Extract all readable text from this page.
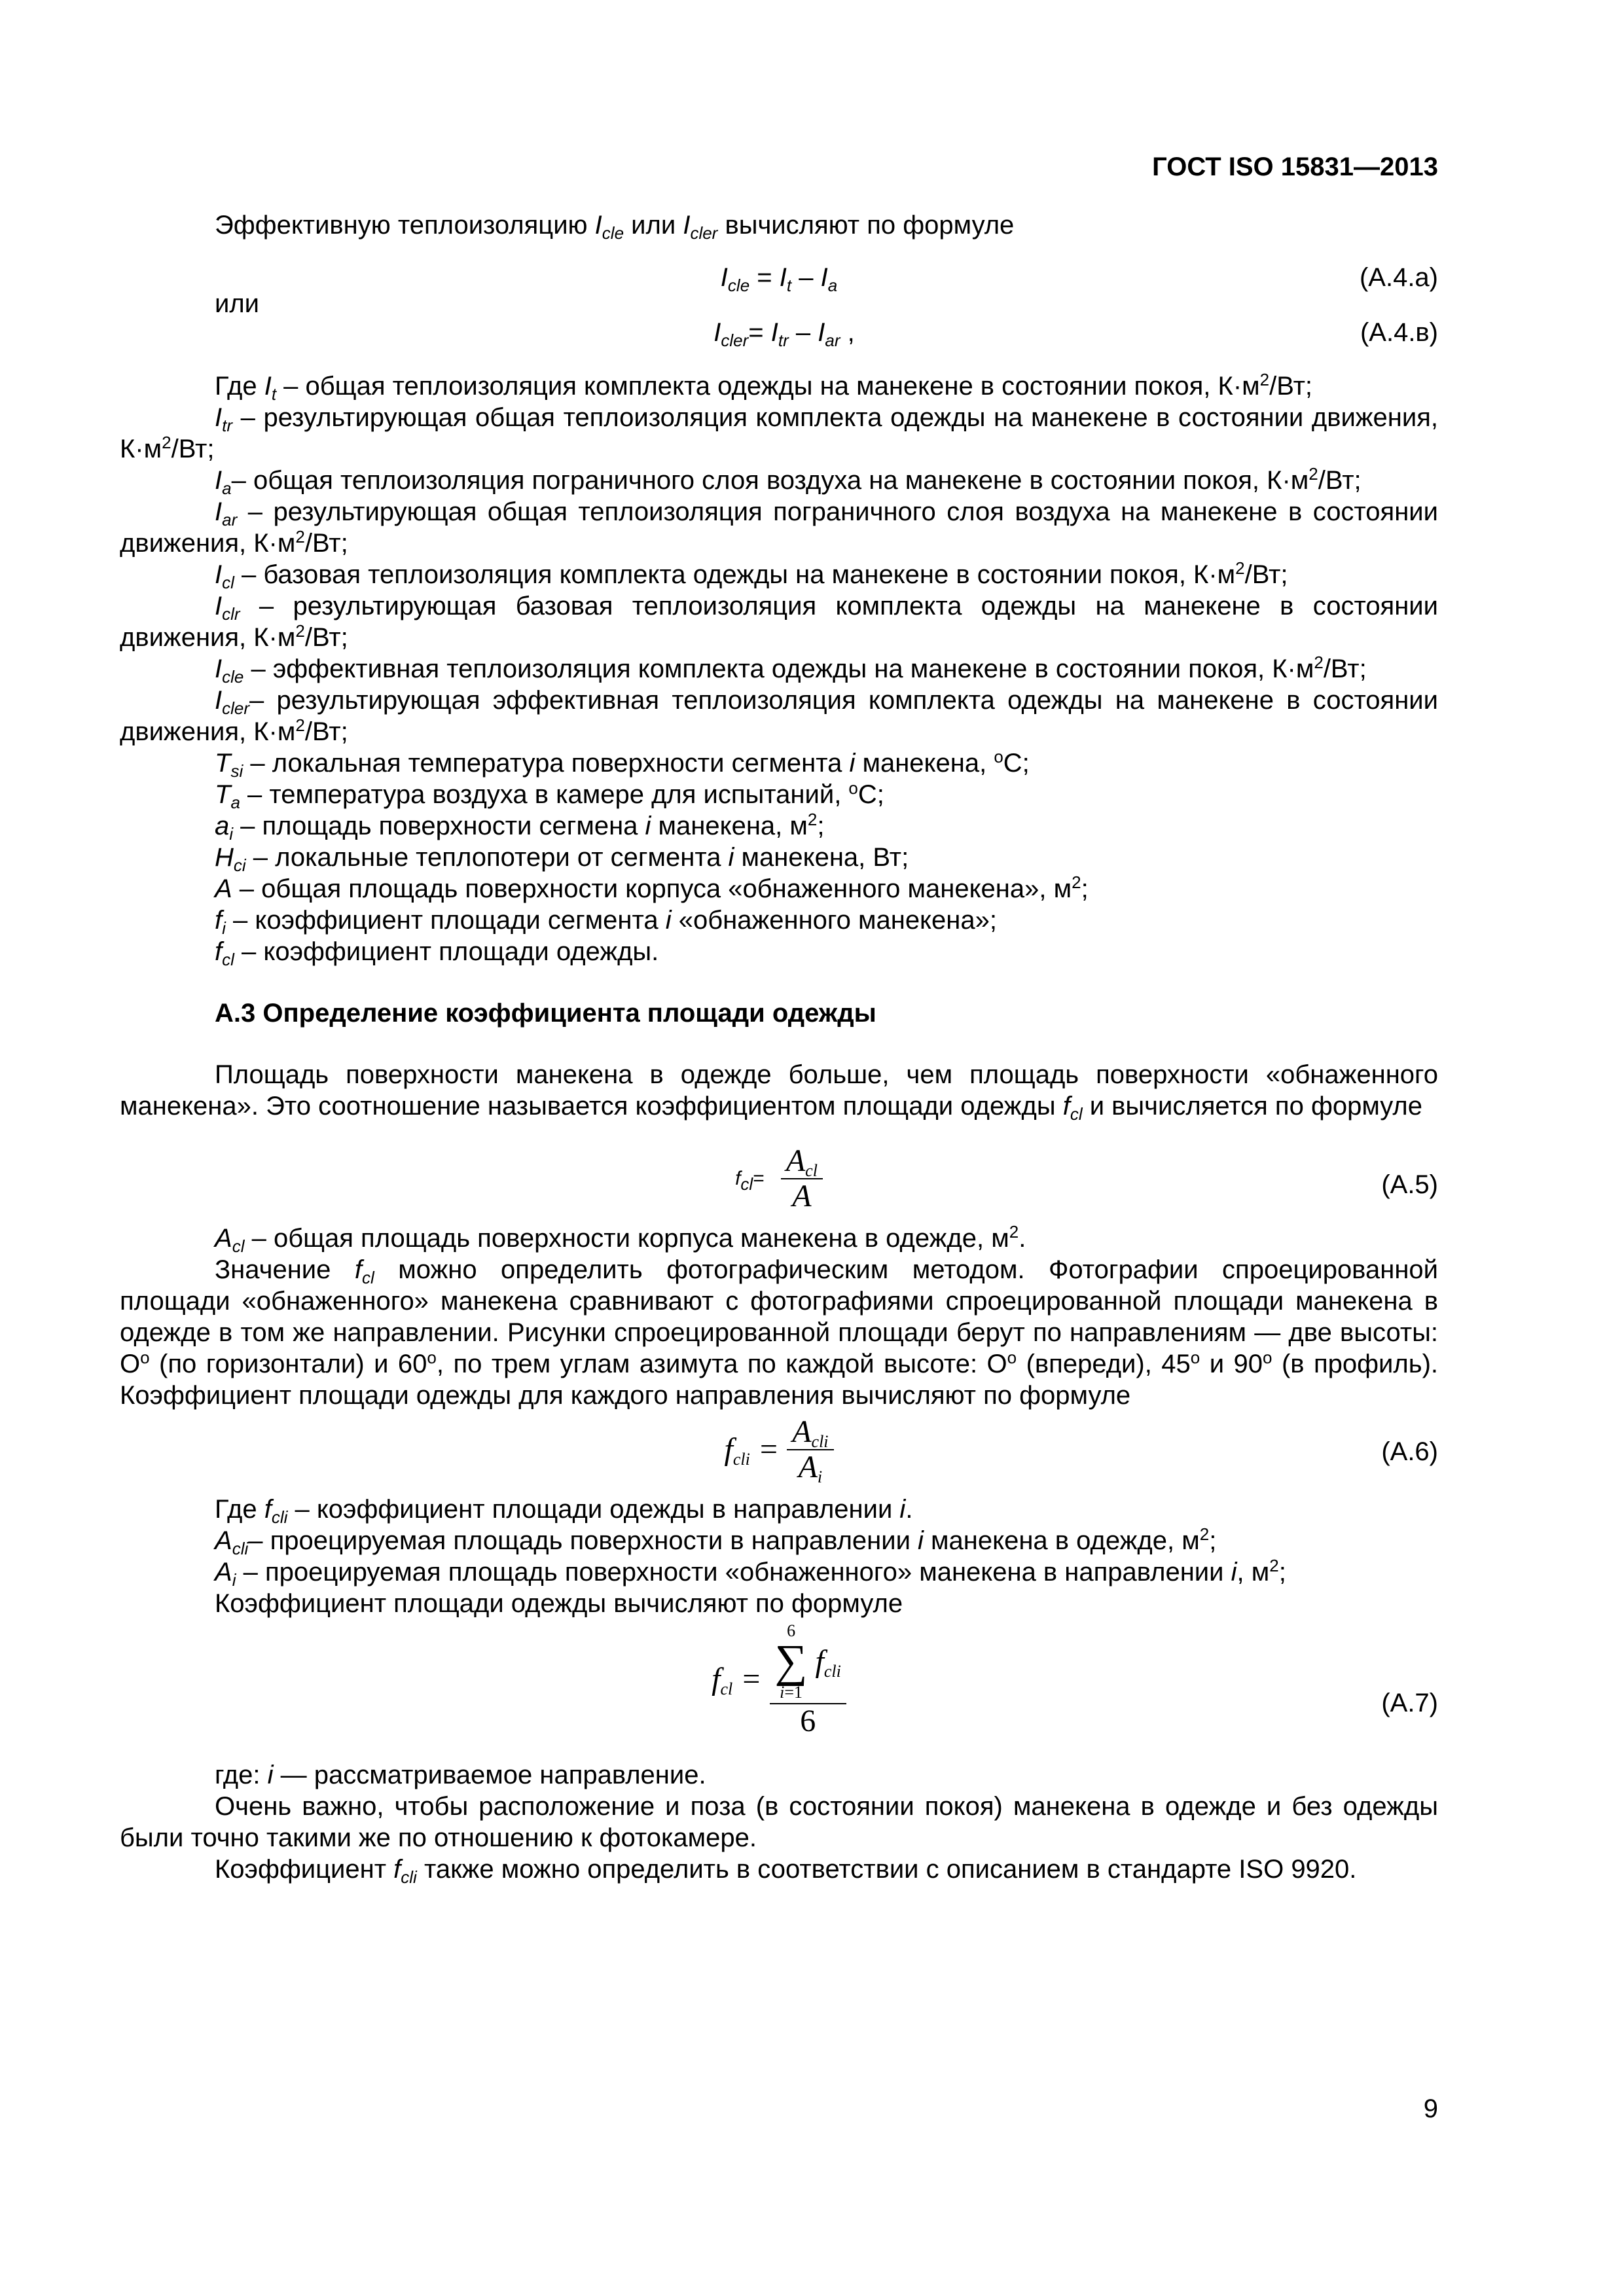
ГОСТ ISO 15831—2013

Эффективную теплоизоляцию $I_{cle}$ или $I_{cler}$ вычисляют по формуле

$I_{cle} = I_t - I_a$	(А.4.а)

или

$I_{cler}= I_{tr} - I_{ar}$ ,	(А.4.в)

Где $I_t$ – общая теплоизоляция комплекта одежды на манекене в состоянии покоя, $К\cdot м^2/Вт$;

$I_{tr}$ – результирующая общая теплоизоляция комплекта одежды на манекене в состоянии движения, $К\cdot м^2/Вт$;

$I_a-$ общая теплоизоляция пограничного слоя воздуха на манекене в состоянии покоя, $К\cdot м^2/Вт$;

$I_{ar}$ – результирующая общая теплоизоляция пограничного слоя воздуха на манекене в состоянии движения, $К\cdot м^2/Вт$;

$I_{cl}$ – базовая теплоизоляция комплекта одежды на манекене в состоянии покоя, $К\cdot м^2/Вт$;

$I_{clr}$ – результирующая базовая теплоизоляция комплекта одежды на манекене в состоянии движения, $К\cdot м^2/Вт$;

$I_{cle}$ – эффективная теплоизоляция комплекта одежды на манекене в состоянии покоя, $К\cdot м^2/Вт$;

$I_{cler}-$ результирующая эффективная теплоизоляция комплекта одежды на манекене в состоянии движения, $К\cdot м^2/Вт$;

$T_{si}$ – локальная температура поверхности сегмента i манекена, $^o$С;

$T_a$ – температура воздуха в камере для испытаний, $^o$С;

$a_i$ – площадь поверхности сегмена i манекена, $м^2$;

$H_{ci}$ – локальные теплопотери от сегмента i манекена, Вт;

A – общая площадь поверхности корпуса «обнаженного манекена», $м^2$;

$f_i$ – коэффициент площади сегмента i «обнаженного манекена»;

$f_{cl}$ – коэффициент площади одежды.

А.3 Определение коэффициента площади одежды

Площадь поверхности манекена в одежде больше, чем площадь поверхности «обнаженного манекена». Это соотношение называется коэффициентом площади одежды $f_{cl}$ и вычисляется по формуле

$f_{cl}= \frac{A_{cl}}{A}$	(А.5)

$A_{cl}$ – общая площадь поверхности корпуса манекена в одежде, $м^2$.

Значение $f_{cl}$ можно определить фотографическим методом. Фотографии спроецированной площади «обнаженного» манекена сравнивают с фотографиями спроецированной площади манекена в одежде в том же направлении. Рисунки спроецированной площади берут по направлениям — две высоты: $О^o$ (по горизонтали) и 60$^o$, по трем углам азимута по каждой высоте: $О^o$ (впереди), 45$^o$ и 90$^o$ (в профиль). Коэффициент площади одежды для каждого направления вычисляют по формуле

$f_{cli} = \frac{A_{cli}}{A_i}$	(А.6)

Где $f_{cli}$ – коэффициент площади одежды в направлении i.

$A_{cli}-$ проецируемая площадь поверхности в направлении i манекена в одежде, $м^2$;

$A_i$ – проецируемая площадь поверхности «обнаженного» манекена в направлении i, $м^2$;

Коэффициент площади одежды вычисляют по формуле

$f_{cl} = 6$
∑
i=1
$f_{cli}$
6	(А.7)

где: i — рассматриваемое направление.

Очень важно, чтобы расположение и поза (в состоянии покоя) манекена в одежде и без одежды были точно такими же по отношению к фотокамере.

Коэффициент $f_{cli}$ также можно определить в соответствии с описанием в стандарте ISO 9920.

9
